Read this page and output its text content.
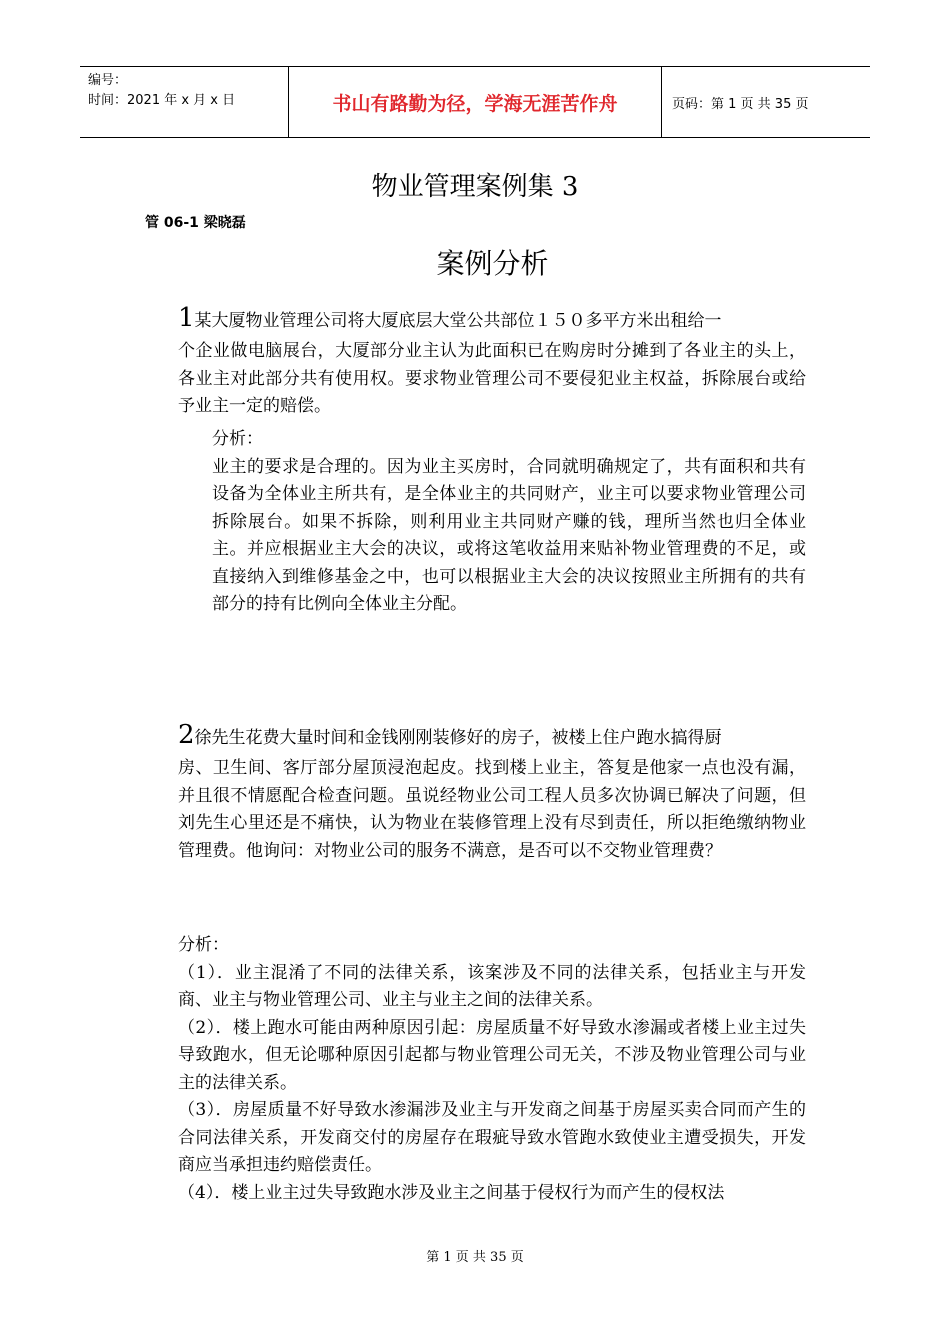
编号：
时间：2021 年 x 月 x 日	书山有路勤为径，学海无涯苦作舟	页码：第 1 页 共 35 页
物业管理案例集 3
管 06-1 梁晓磊
案例分析
1某大厦物业管理公司将大厦底层大堂公共部位１５０多平方米出租给一
个企业做电脑展台，大厦部分业主认为此面积已在购房时分摊到了各业主的头上，各业主对此部分共有使用权。要求物业管理公司不要侵犯业主权益，拆除展台或给予业主一定的赔偿。
分析：
业主的要求是合理的。因为业主买房时，合同就明确规定了，共有面积和共有设备为全体业主所共有，是全体业主的共同财产，业主可以要求物业管理公司拆除展台。如果不拆除，则利用业主共同财产赚的钱，理所当然也归全体业主。并应根据业主大会的决议，或将这笔收益用来贴补物业管理费的不足，或直接纳入到维修基金之中，也可以根据业主大会的决议按照业主所拥有的共有部分的持有比例向全体业主分配。
2徐先生花费大量时间和金钱刚刚装修好的房子，被楼上住户跑水搞得厨
房、卫生间、客厅部分屋顶浸泡起皮。找到楼上业主，答复是他家一点也没有漏，并且很不情愿配合检查问题。虽说经物业公司工程人员多次协调已解决了问题，但刘先生心里还是不痛快，认为物业在装修管理上没有尽到责任，所以拒绝缴纳物业管理费。他询问：对物业公司的服务不满意，是否可以不交物业管理费？
分析：
（1）．业主混淆了不同的法律关系，该案涉及不同的法律关系，包括业主与开发商、业主与物业管理公司、业主与业主之间的法律关系。
（2）．楼上跑水可能由两种原因引起：房屋质量不好导致水渗漏或者楼上业主过失导致跑水，但无论哪种原因引起都与物业管理公司无关，不涉及物业管理公司与业主的法律关系。
（3）．房屋质量不好导致水渗漏涉及业主与开发商之间基于房屋买卖合同而产生的合同法律关系，开发商交付的房屋存在瑕疵导致水管跑水致使业主遭受损失，开发商应当承担违约赔偿责任。
（4）．楼上业主过失导致跑水涉及业主之间基于侵权行为而产生的侵权法
第 1 页 共 35 页
